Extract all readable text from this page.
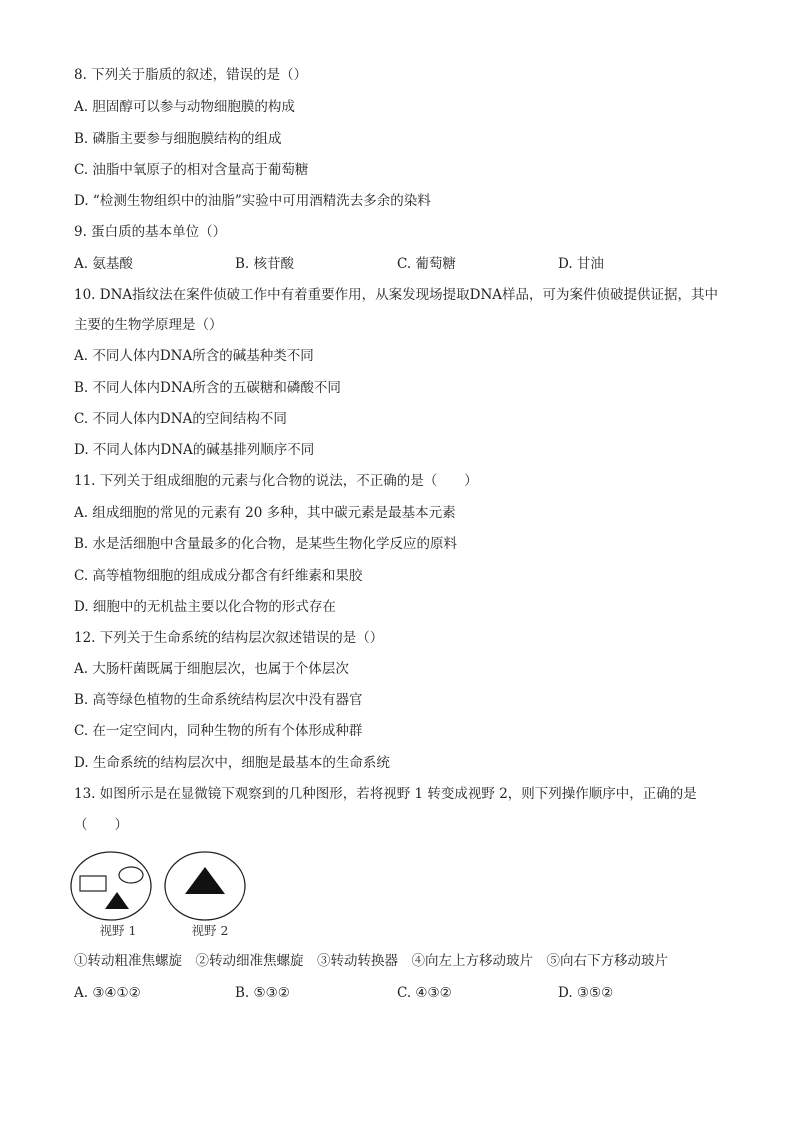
8. 下列关于脂质的叙述，错误的是（）
A. 胆固醇可以参与动物细胞膜的构成
B. 磷脂主要参与细胞膜结构的组成
C. 油脂中氧原子的相对含量高于葡萄糖
D. “检测生物组织中的油脂”实验中可用酒精洗去多余的染料
9. 蛋白质的基本单位（）
A. 氨基酸	B. 核苷酸	C. 葡萄糖	D. 甘油
10. DNA指纹法在案件侦破工作中有着重要作用，从案发现场提取DNA样品，可为案件侦破提供证据，其中
主要的生物学原理是（）
A. 不同人体内DNA所含的碱基种类不同
B. 不同人体内DNA所含的五碳糖和磷酸不同
C. 不同人体内DNA的空间结构不同
D. 不同人体内DNA的碱基排列顺序不同
11. 下列关于组成细胞的元素与化合物的说法，不正确的是（　　）
A. 组成细胞的常见的元素有 20 多种，其中碳元素是最基本元素
B. 水是活细胞中含量最多的化合物，是某些生物化学反应的原料
C. 高等植物细胞的组成成分都含有纤维素和果胶
D. 细胞中的无机盐主要以化合物的形式存在
12. 下列关于生命系统的结构层次叙述错误的是（）
A. 大肠杆菌既属于细胞层次，也属于个体层次
B. 高等绿色植物的生命系统结构层次中没有器官
C. 在一定空间内，同种生物的所有个体形成种群
D. 生命系统的结构层次中，细胞是最基本的生命系统
13. 如图所示是在显微镜下观察到的几种图形，若将视野 1 转变成视野 2，则下列操作顺序中，正确的是
（　　）
视野 1	视野 2
①转动粗准焦螺旋　②转动细准焦螺旋　③转动转换器　④向左上方移动玻片　⑤向右下方移动玻片
A. ③④①②	B. ⑤③②	C. ④③②	D. ③⑤②
